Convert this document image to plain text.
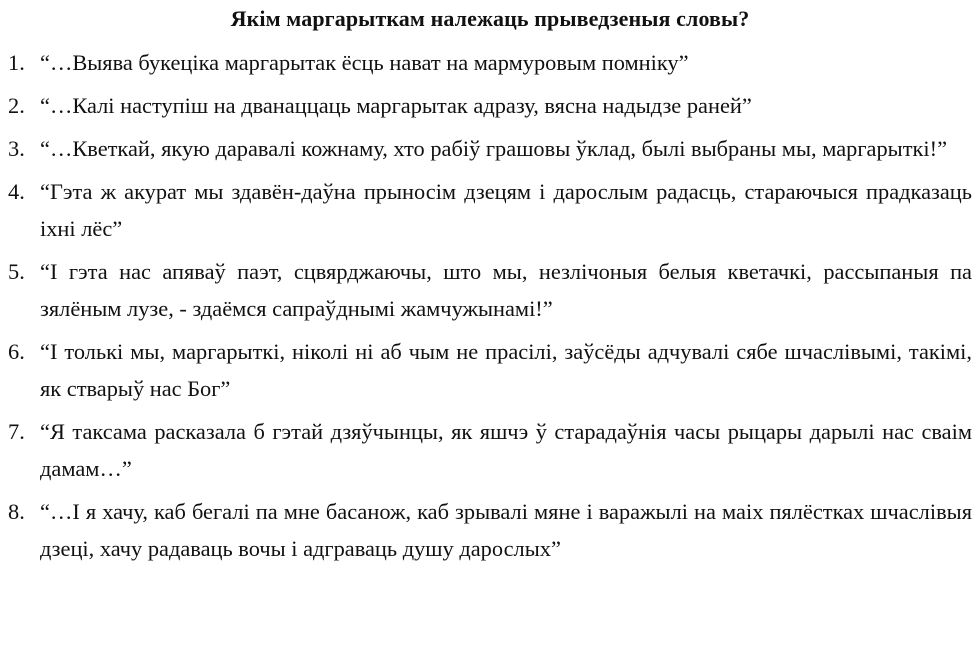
Якім маргарыткам належаць прыведзеныя словы?
1. “…Выява букецiка маргарытак ёсць нават на мармуровым помнiку”
2. “…Калi наступiш на дванаццаць маргарытак адразу, вясна надыдзе раней”
3. “…Кветкай, якую даравалi кожнаму, хто рабiў грашовы ўклад, былi выбраны мы, маргарыткi!”
4. “Гэта ж акурат мы здавён-даўна прыносiм дзецям i дарослым радасць, стараючыся прадказаць iхнi лёс”
5. “I гэта нас апяваў паэт, сцвярджаючы, што мы, незлiчоныя белыя кветачкi, рассыпаныя па зялёным лузе, - здаёмся сапраўднымi жамчужынамi!”
6. “I толькi мы, маргарыткi, нiколi нi аб чым не прасiлi, заўсёды адчувалi сябе шчаслiвымi, такiмi, як стварыў нас Бог”
7. “Я таксама расказала б гэтай дзяўчынцы, як яшчэ ў старадаўнiя часы рыцары дарылi нас сваiм дамам…”
8. “…I я хачу, каб бегалi па мне басанож, каб зрывалi мяне i варажылi на маiх пялёстках шчаслiвыя дзецi, хачу радаваць вочы i адграваць душу дарослых”
